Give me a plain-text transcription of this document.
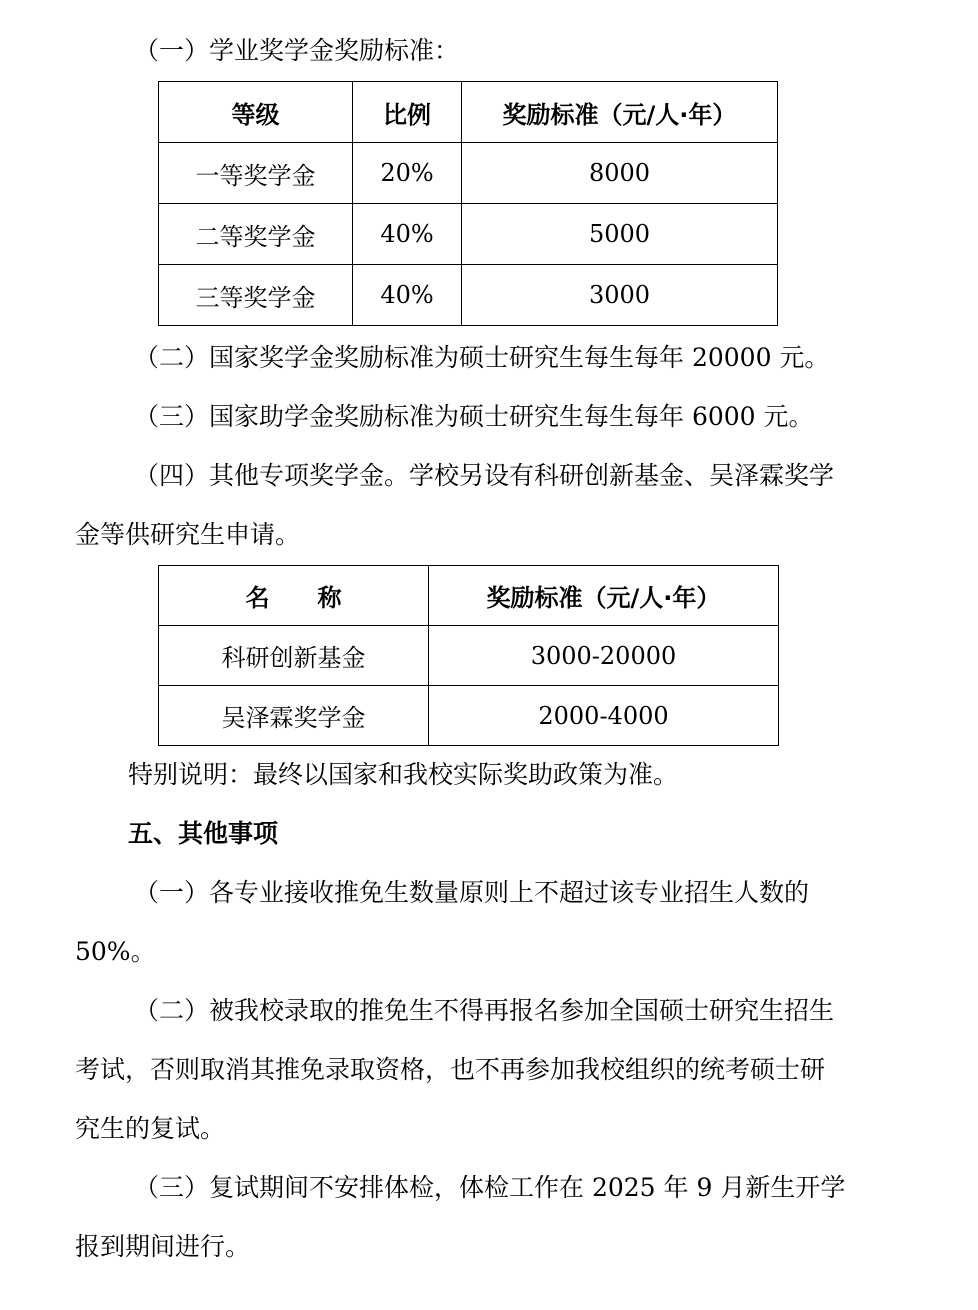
（一）学业奖学金奖励标准：
等级	比例	奖励标准（元/人·年）
一等奖学金	20%	8000
二等奖学金	40%	5000
三等奖学金	40%	3000
（二）国家奖学金奖励标准为硕士研究生每生每年 20000 元。
（三）国家助学金奖励标准为硕士研究生每生每年 6000 元。
（四）其他专项奖学金。学校另设有科研创新基金、吴泽霖奖学
金等供研究生申请。
名　　称	奖励标准（元/人·年）
科研创新基金	3000-20000
吴泽霖奖学金	2000-4000
特别说明：最终以国家和我校实际奖助政策为准。
五、其他事项
（一）各专业接收推免生数量原则上不超过该专业招生人数的
50%。
（二）被我校录取的推免生不得再报名参加全国硕士研究生招生
考试，否则取消其推免录取资格，也不再参加我校组织的统考硕士研
究生的复试。
（三）复试期间不安排体检，体检工作在 2025 年 9 月新生开学
报到期间进行。
